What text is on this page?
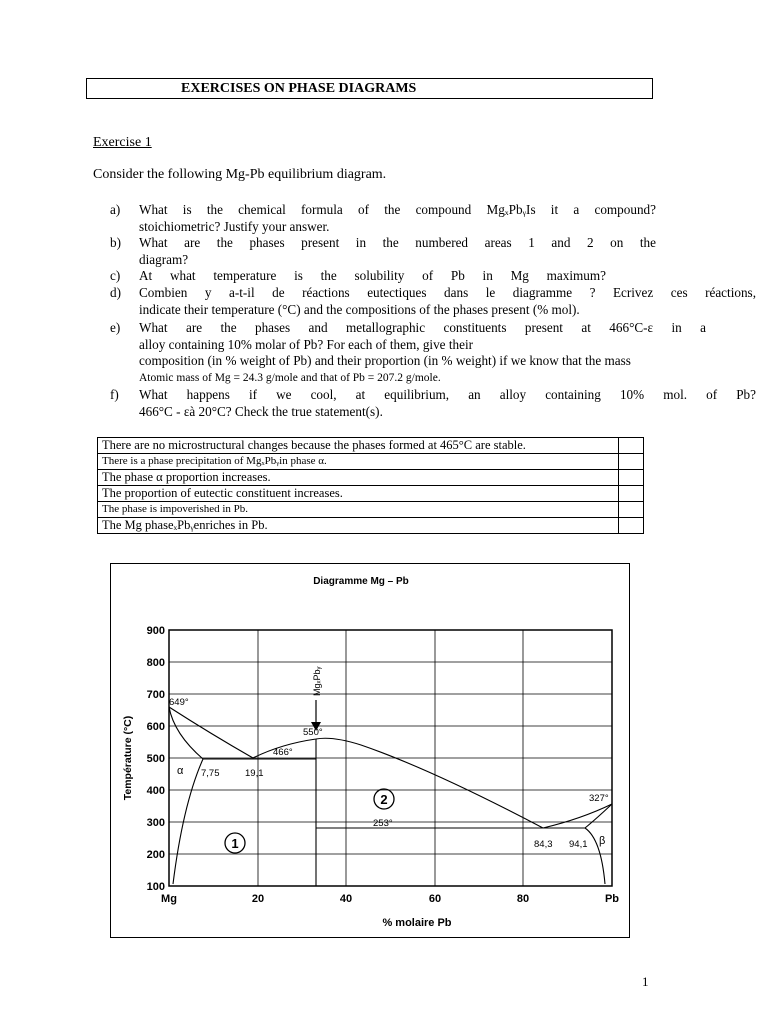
EXERCISES ON PHASE DIAGRAMS
Exercise 1
Consider the following Mg-Pb equilibrium diagram.
a) What is the chemical formula of the compound MgₓPbᵧIs it a compound?
stoichiometric? Justify your answer.
b) What are the phases present in the numbered areas 1 and 2 on the
diagram?
c) At what temperature is the solubility of Pb in Mg maximum?
d) Combien y a-t-il de réactions eutectiques dans le diagramme ? Ecrivez ces réactions,
indicate their temperature (°C) and the compositions of the phases present (% mol).
e) What are the phases and metallographic constituents present at 466°C-ε in a
alloy containing 10% molar of Pb? For each of them, give their
composition (in % weight of Pb) and their proportion (in % weight) if we know that the mass
Atomic mass of Mg = 24.3 g/mole and that of Pb = 207.2 g/mole.
f) What happens if we cool, at equilibrium, an alloy containing 10% mol. of Pb?
466°C - εà 20°C? Check the true statement(s).
There are no microstructural changes because the phases formed at 465°C are stable.	
There is a phase precipitation of MgₓPbᵧin phase α.	
The phase α proportion increases.	
The proportion of eutectic constituent increases.	
The phase is impoverished in Pb.	
The Mg phaseₓPbᵧenriches in Pb.	
Diagramme Mg – Pb
900
800
700
600
500
400
300
200
100
Mg	20	40	60	80	Pb
% molaire Pb
Température (°C)
MgₓPbᵧ
649°
550°
466°
253°
327°
7,75	19,1
84,3 94,1
α
β
1
2
1
